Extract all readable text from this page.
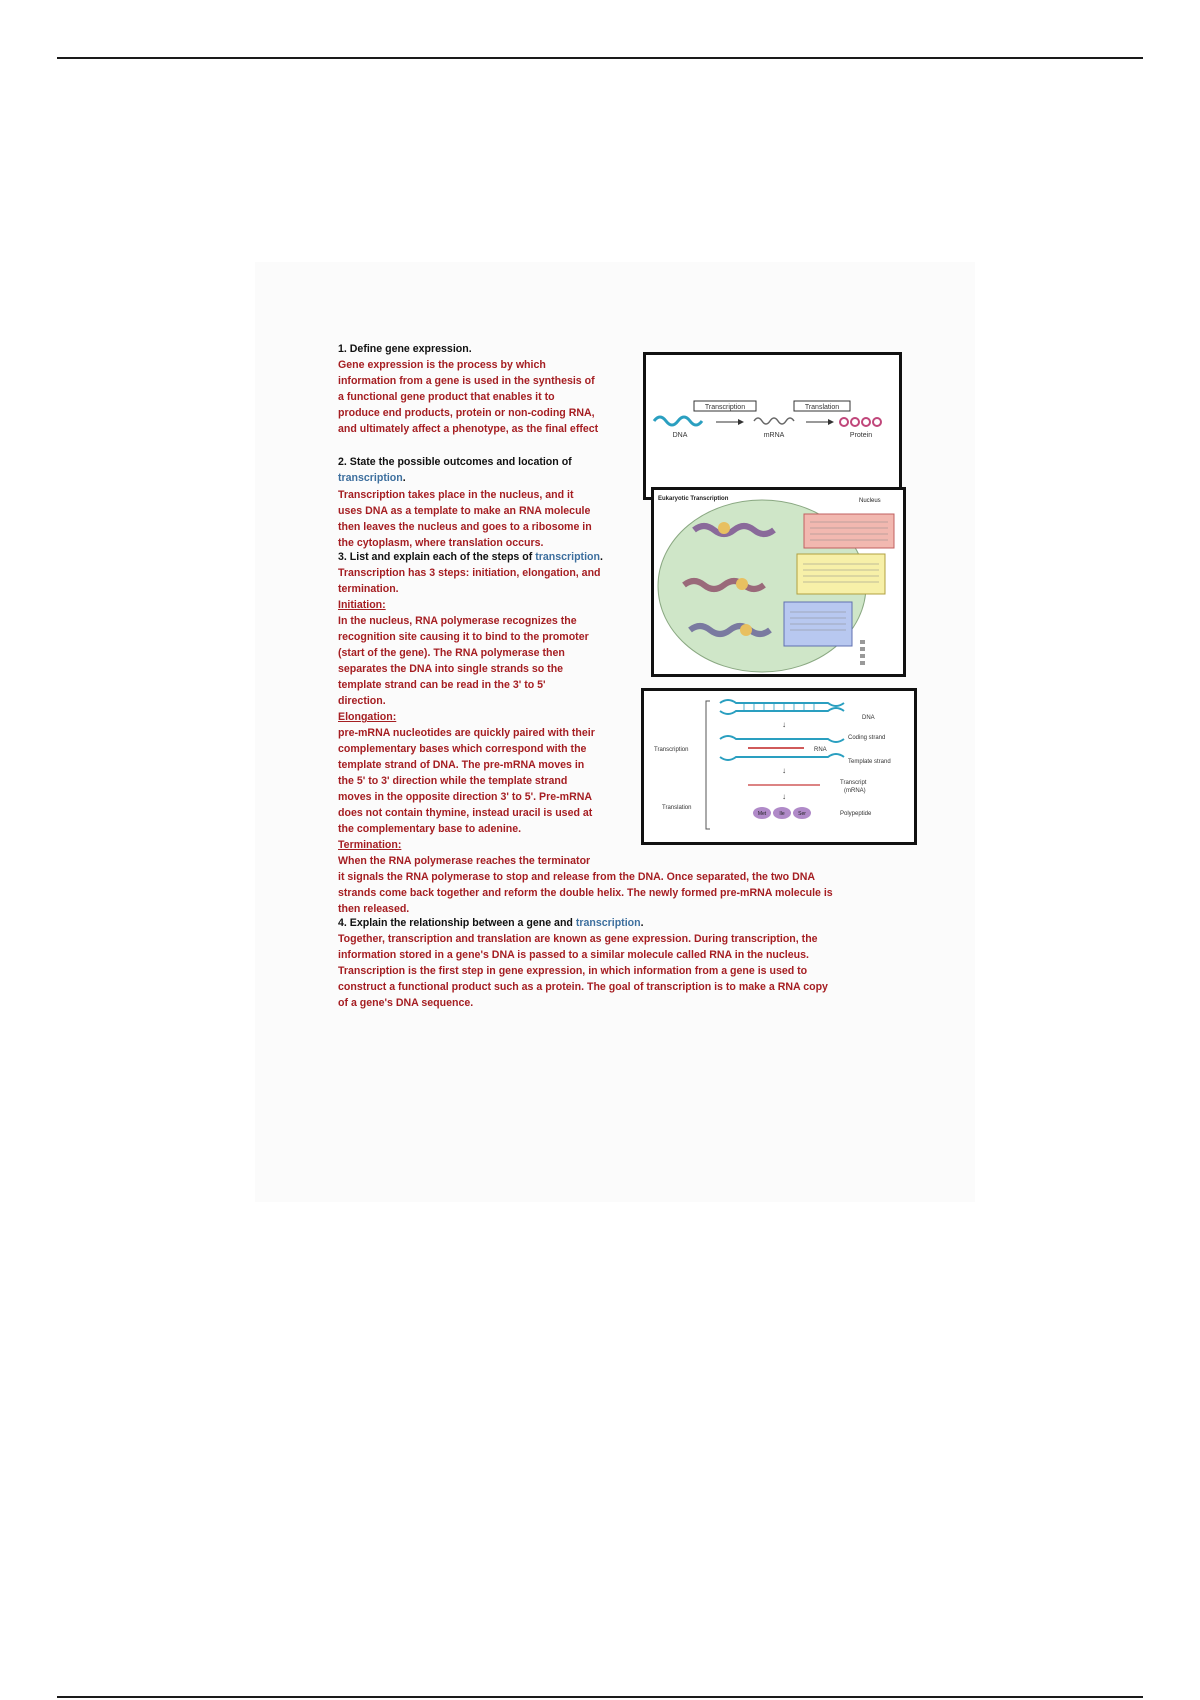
1. Define gene expression.
Gene expression is the process by which
information from a gene is used in the synthesis of
a functional gene product that enables it to
produce end products, protein or non-coding RNA,
and ultimately affect a phenotype, as the final effect
2. State the possible outcomes and location of
transcription.
Transcription takes place in the nucleus, and it
uses DNA as a template to make an RNA molecule
then leaves the nucleus and goes to a ribosome in
the cytoplasm, where translation occurs.
3. List and explain each of the steps of transcription.
Transcription has 3 steps: initiation, elongation, and
termination.
Initiation:
In the nucleus, RNA polymerase recognizes the
recognition site causing it to bind to the promoter
(start of the gene). The RNA polymerase then
separates the DNA into single strands so the
template strand can be read in the 3' to 5'
direction.
Elongation:
pre-mRNA nucleotides are quickly paired with their
complementary bases which correspond with the
template strand of DNA. The pre-mRNA moves in
the 5' to 3' direction while the template strand
moves in the opposite direction 3' to 5'. Pre-mRNA
does not contain thymine, instead uracil is used at
the complementary base to adenine.
Termination:
When the RNA polymerase reaches the terminator
it signals the RNA polymerase to stop and release from the DNA. Once separated, the two DNA
strands come back together and reform the double helix. The newly formed pre-mRNA molecule is
then released.
4. Explain the relationship between a gene and transcription.
Together, transcription and translation are known as gene expression. During transcription, the
information stored in a gene's DNA is passed to a similar molecule called RNA in the nucleus.
Transcription is the first step in gene expression, in which information from a gene is used to
construct a functional product such as a protein. The goal of transcription is to make a RNA copy
of a gene's DNA sequence.
Transcription	Translation
DNA	mRNA	Protein
Eukaryotic Transcription	Nucleus
Transcription
Translation
DNA
↓
Coding strand
RNA
Template strand
↓
Transcript
(mRNA)
↓
Met	Ile	Ser	Polypeptide
